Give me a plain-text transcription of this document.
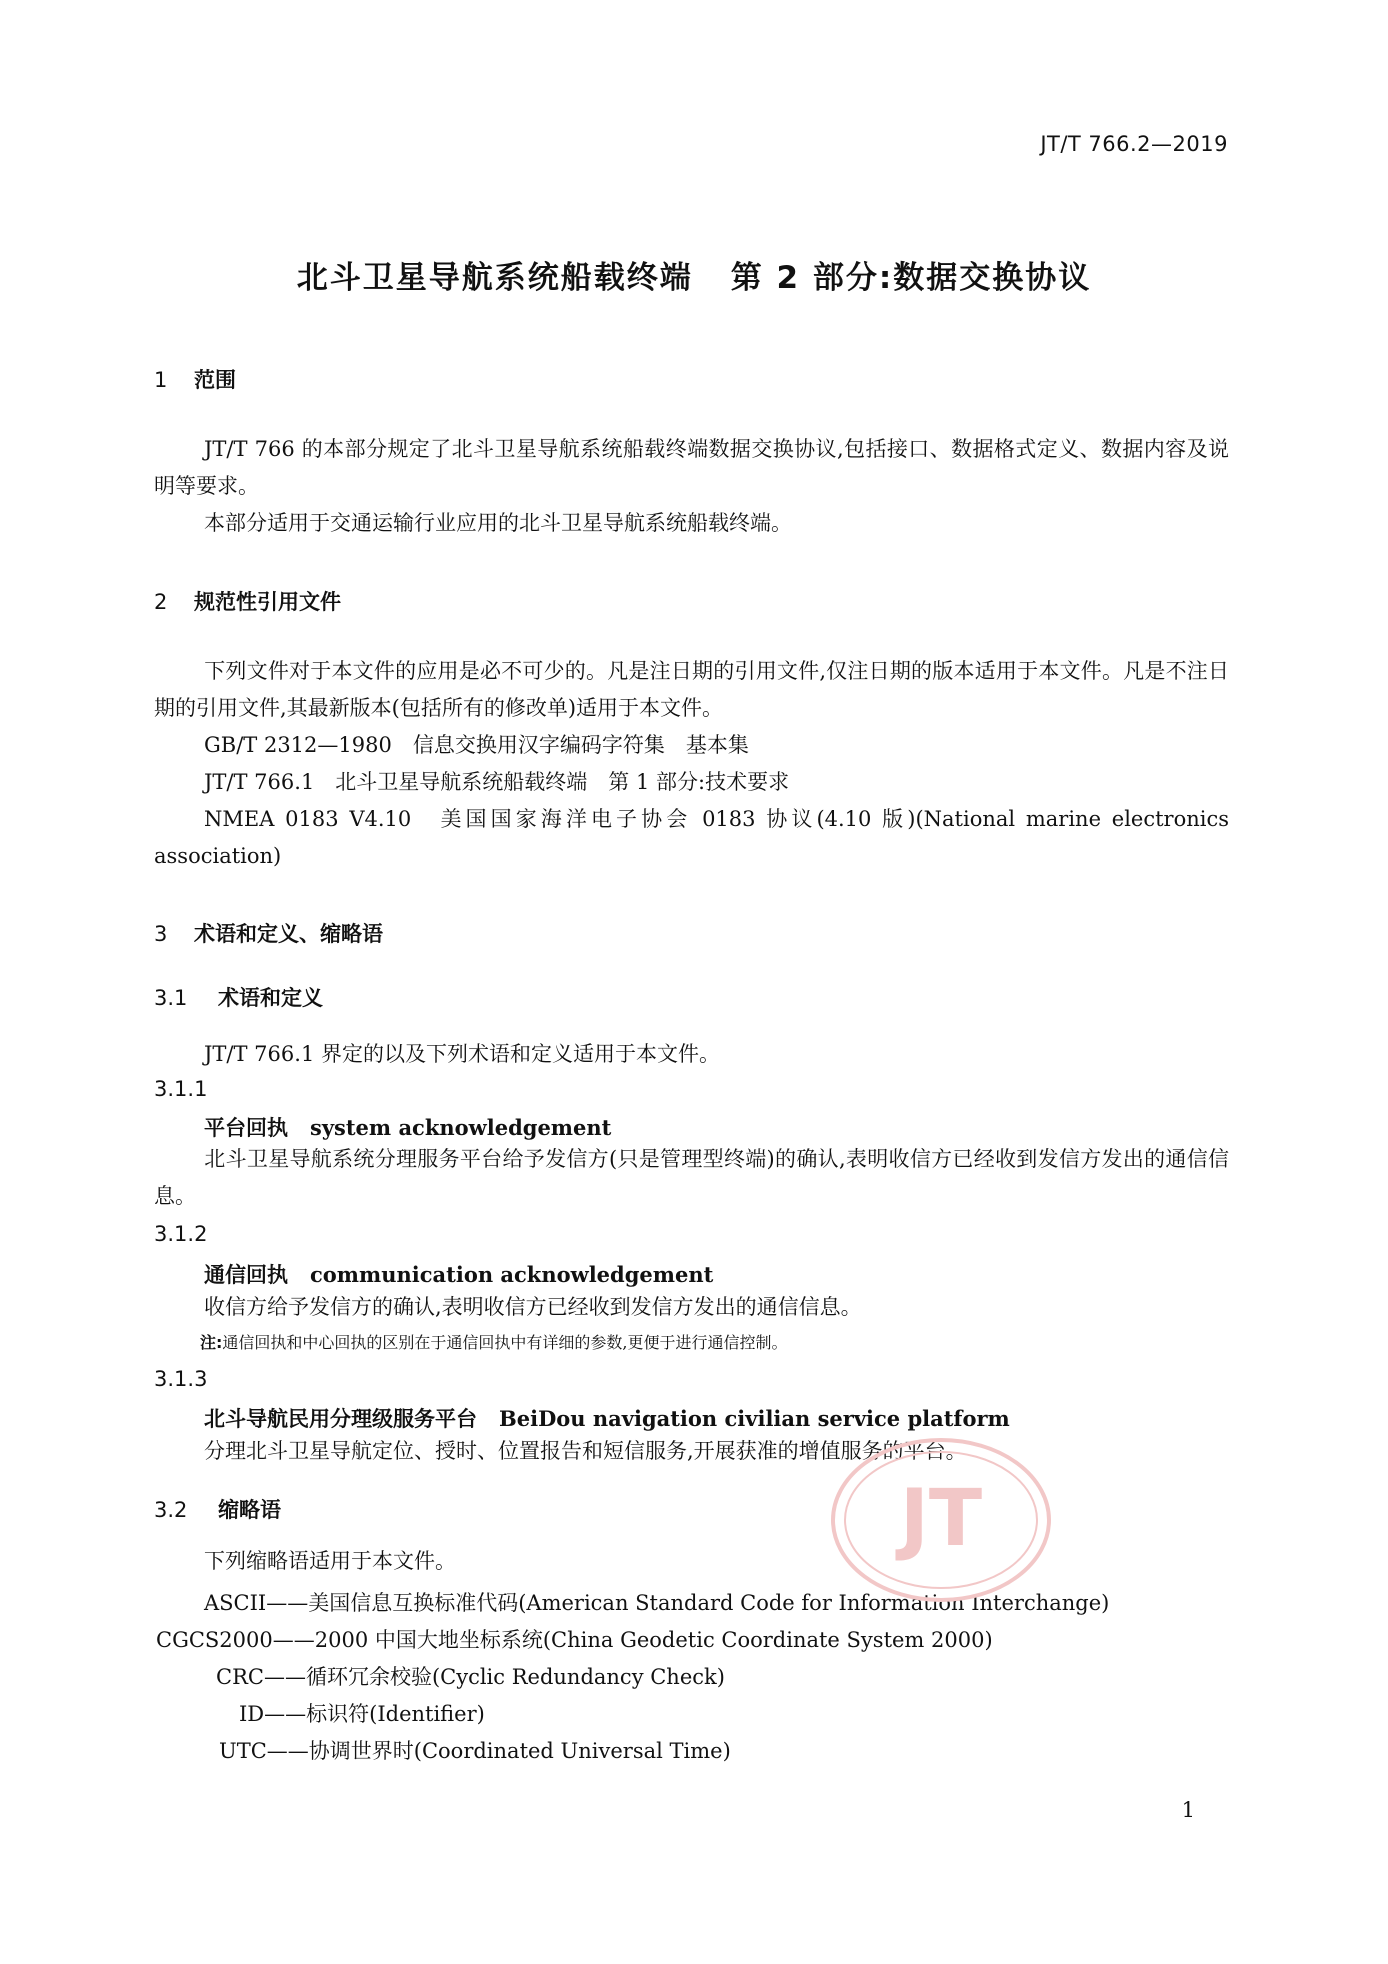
JT/T 766.2—2019
北斗卫星导航系统船载终端 第 2 部分:数据交换协议
1 范围
JT/T 766 的本部分规定了北斗卫星导航系统船载终端数据交换协议,包括接口、数据格式定义、数据内容及说明等要求。
本部分适用于交通运输行业应用的北斗卫星导航系统船载终端。
2 规范性引用文件
下列文件对于本文件的应用是必不可少的。凡是注日期的引用文件,仅注日期的版本适用于本文件。凡是不注日期的引用文件,其最新版本(包括所有的修改单)适用于本文件。
GB/T 2312—1980　信息交换用汉字编码字符集　基本集
JT/T 766.1　北斗卫星导航系统船载终端　第 1 部分:技术要求
NMEA 0183 V4.10　美国国家海洋电子协会 0183 协议(4.10 版)(National marine electronics association)
3 术语和定义、缩略语
3.1 术语和定义
JT/T 766.1 界定的以及下列术语和定义适用于本文件。
3.1.1
平台回执 system acknowledgement
北斗卫星导航系统分理服务平台给予发信方(只是管理型终端)的确认,表明收信方已经收到发信方发出的通信信息。
3.1.2
通信回执 communication acknowledgement
收信方给予发信方的确认,表明收信方已经收到发信方发出的通信信息。
注:通信回执和中心回执的区别在于通信回执中有详细的参数,更便于进行通信控制。
3.1.3
北斗导航民用分理级服务平台 BeiDou navigation civilian service platform
分理北斗卫星导航定位、授时、位置报告和短信服务,开展获准的增值服务的平台。
3.2 缩略语
下列缩略语适用于本文件。
ASCII——美国信息互换标准代码(American Standard Code for Information Interchange)
CGCS2000——2000 中国大地坐标系统(China Geodetic Coordinate System 2000)
CRC——循环冗余校验(Cyclic Redundancy Check)
ID——标识符(Identifier)
UTC——协调世界时(Coordinated Universal Time)
JT
1
